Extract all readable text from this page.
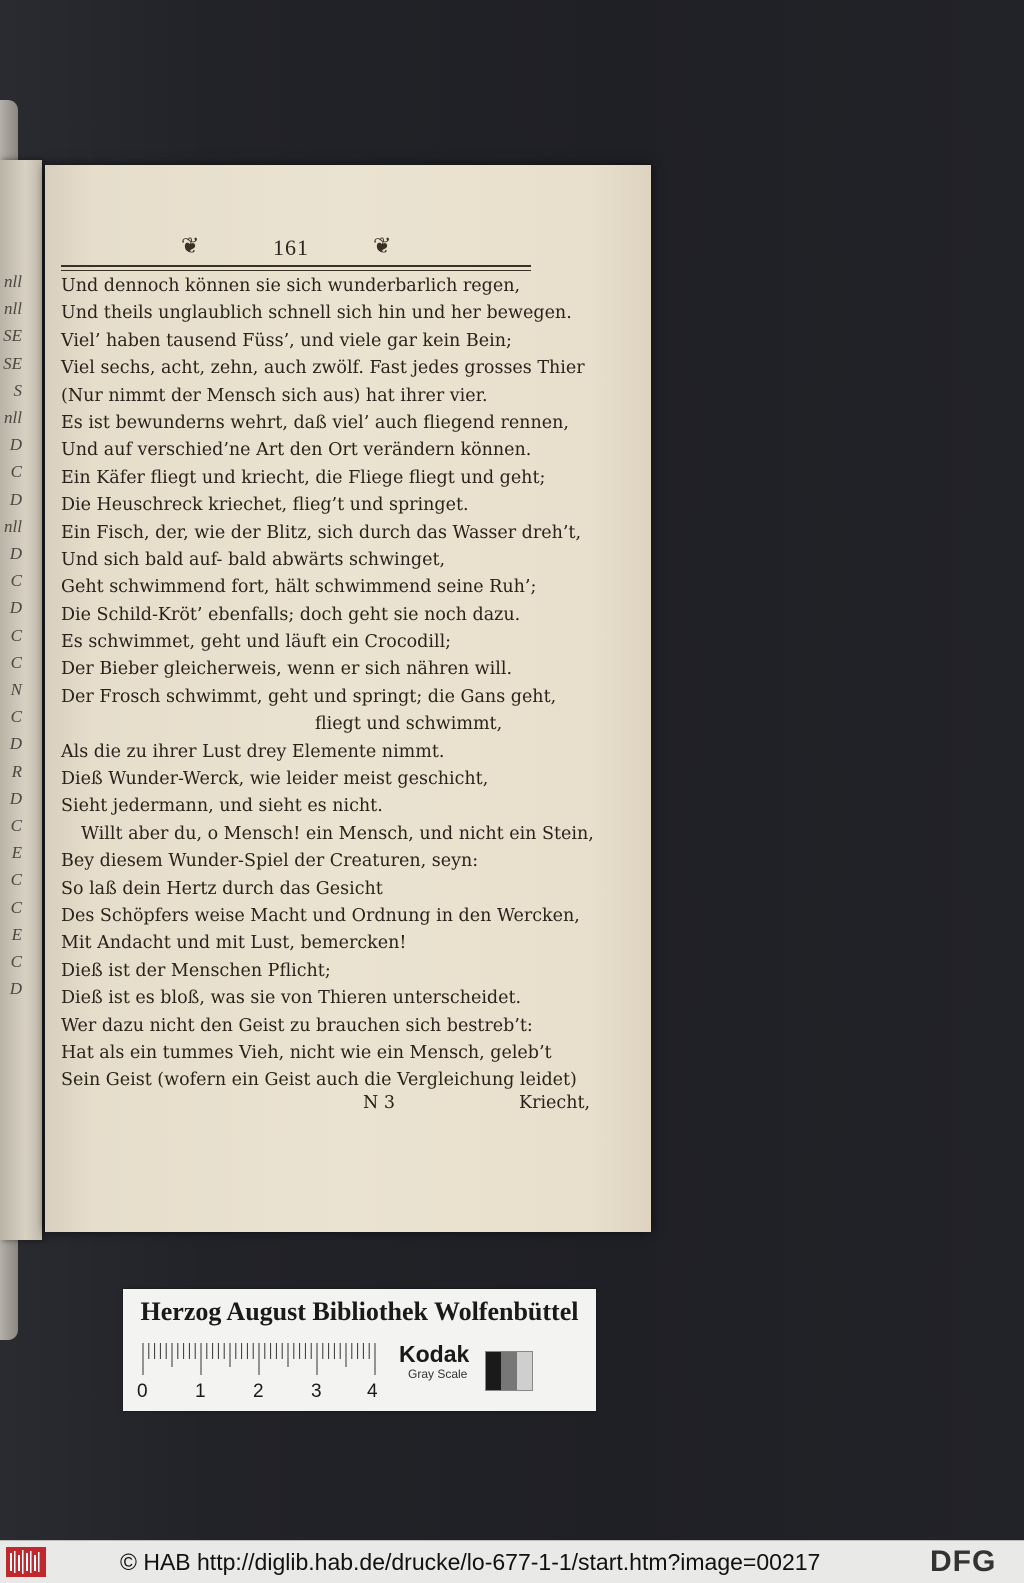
nll
nll
SE
SE
S
nll
D
C
D
nll
D
C
D
C
C
N
C
D
R
D
C
E
C
C
E
C
D
❦	161	❦
Und dennoch können sie sich wunderbarlich regen,
Und theils unglaublich schnell sich hin und her bewegen.
Viel’ haben tausend Füss’, und viele gar kein Bein;
Viel sechs, acht, zehn, auch zwölf. Fast jedes grosses Thier
(Nur nimmt der Mensch sich aus) hat ihrer vier.
Es ist bewunderns wehrt, daß viel’ auch fliegend rennen,
Und auf verschied’ne Art den Ort verändern können.
Ein Käfer fliegt und kriecht, die Fliege fliegt und geht;
Die Heuschreck kriechet, flieg’t und springet.
Ein Fisch, der, wie der Blitz, sich durch das Wasser dreh’t,
Und sich bald auf- bald abwärts schwinget,
Geht schwimmend fort, hält schwimmend seine Ruh’;
Die Schild-Kröt’ ebenfalls; doch geht sie noch dazu.
Es schwimmet, geht und läuft ein Crocodill;
Der Bieber gleicherweis, wenn er sich nähren will.
Der Frosch schwimmt, geht und springt; die Gans geht,
fliegt und schwimmt,
Als die zu ihrer Lust drey Elemente nimmt.
Dieß Wunder-Werck, wie leider meist geschicht,
Sieht jedermann, und sieht es nicht.
Willt aber du, o Mensch! ein Mensch, und nicht ein Stein,
Bey diesem Wunder-Spiel der Creaturen, seyn:
So laß dein Hertz durch das Gesicht
Des Schöpfers weise Macht und Ordnung in den Wercken,
Mit Andacht und mit Lust, bemercken!
Dieß ist der Menschen Pflicht;
Dieß ist es bloß, was sie von Thieren unterscheidet.
Wer dazu nicht den Geist zu brauchen sich bestreb’t:
Hat als ein tummes Vieh, nicht wie ein Mensch, geleb’t
Sein Geist (wofern ein Geist auch die Vergleichung leidet)
N 3	Kriecht,
Herzog August Bibliothek Wolfenbüttel
0 1 2 3 4
Kodak
Gray Scale
© HAB http://diglib.hab.de/drucke/lo-677-1-1/start.htm?image=00217	DFG
